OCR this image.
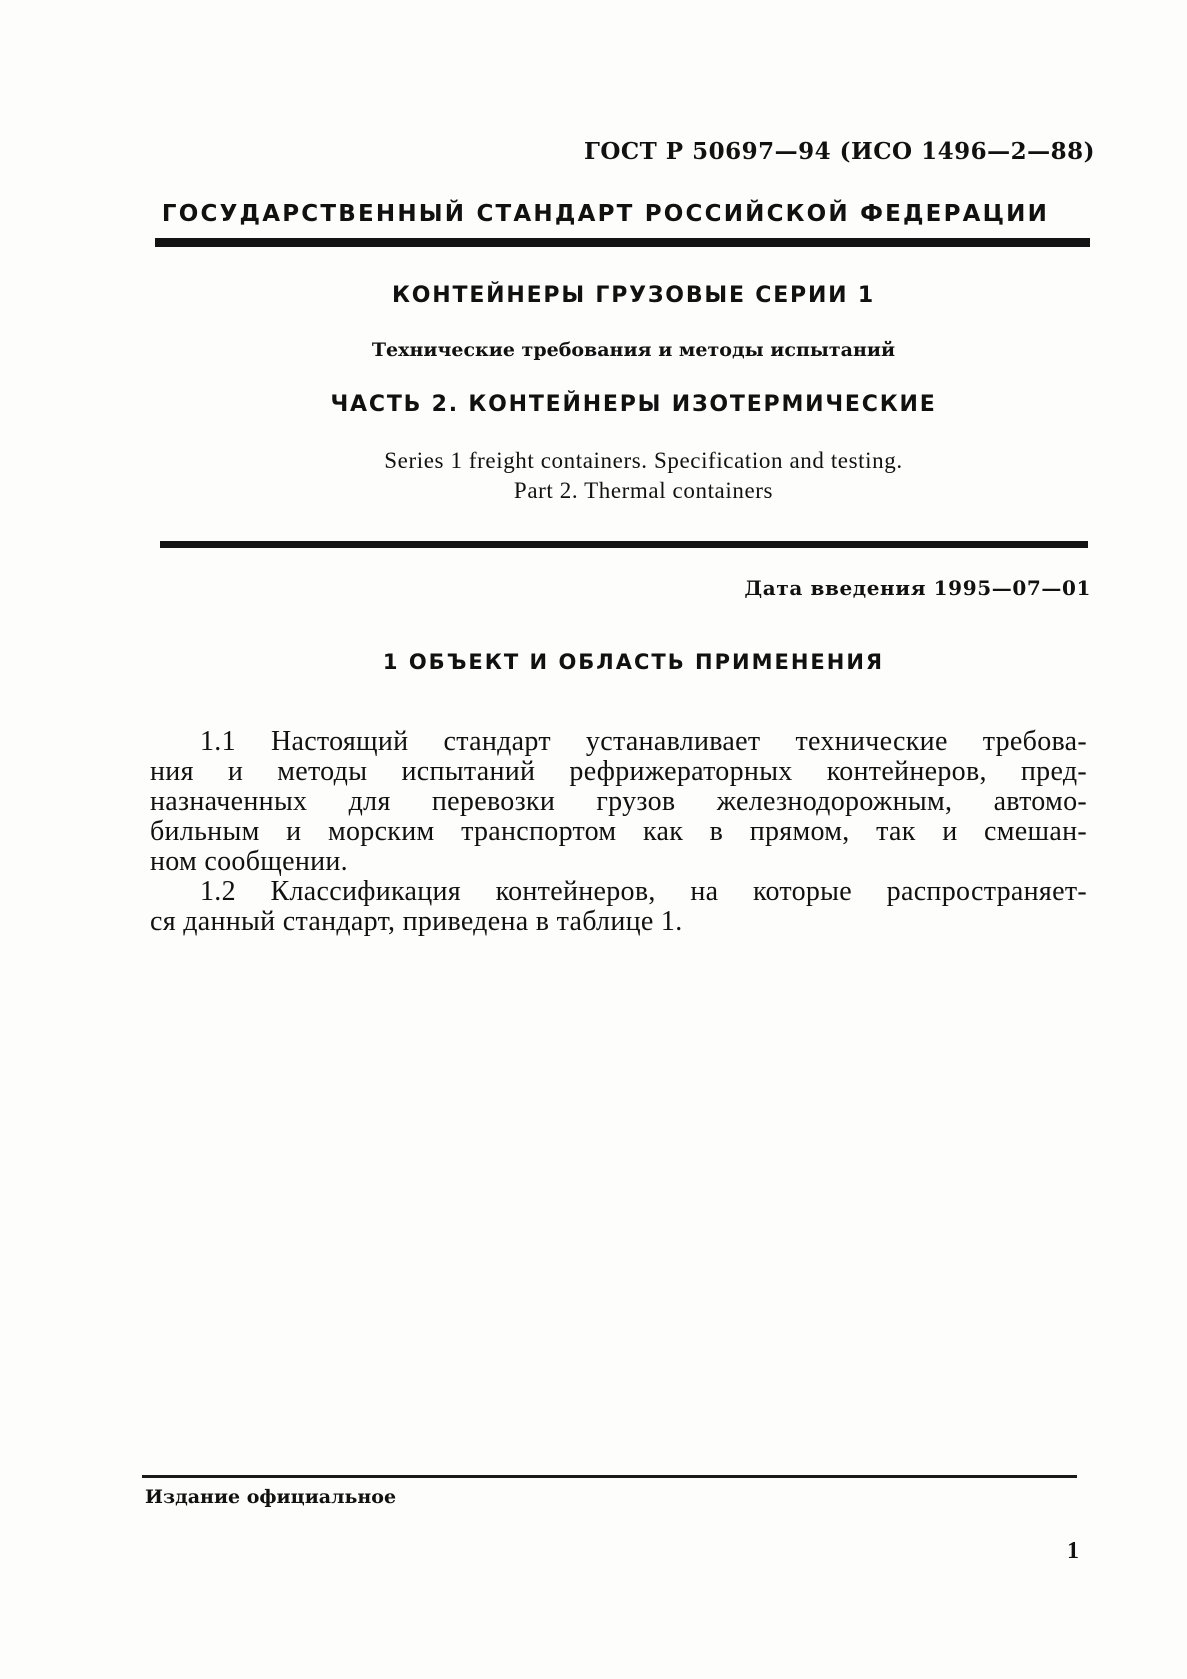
ГОСТ Р 50697—94 (ИСО 1496—2—88)
ГОСУДАРСТВЕННЫЙ СТАНДАРТ РОССИЙСКОЙ ФЕДЕРАЦИИ
КОНТЕЙНЕРЫ ГРУЗОВЫЕ СЕРИИ 1
Технические требования и методы испытаний
ЧАСТЬ 2. КОНТЕЙНЕРЫ ИЗОТЕРМИЧЕСКИЕ
Series 1 freight containers. Specification and testing.
Part 2. Thermal containers
Дата введения 1995—07—01
1 ОБЪЕКТ И ОБЛАСТЬ ПРИМЕНЕНИЯ
1.1 Настоящий стандарт устанавливает технические требова-
ния и методы испытаний рефрижераторных контейнеров, пред-
назначенных для перевозки грузов железнодорожным, автомо-
бильным и морским транспортом как в прямом, так и смешан-
ном сообщении.
1.2 Классификация контейнеров, на которые распространяет-
ся данный стандарт, приведена в таблице 1.
Издание официальное
1
